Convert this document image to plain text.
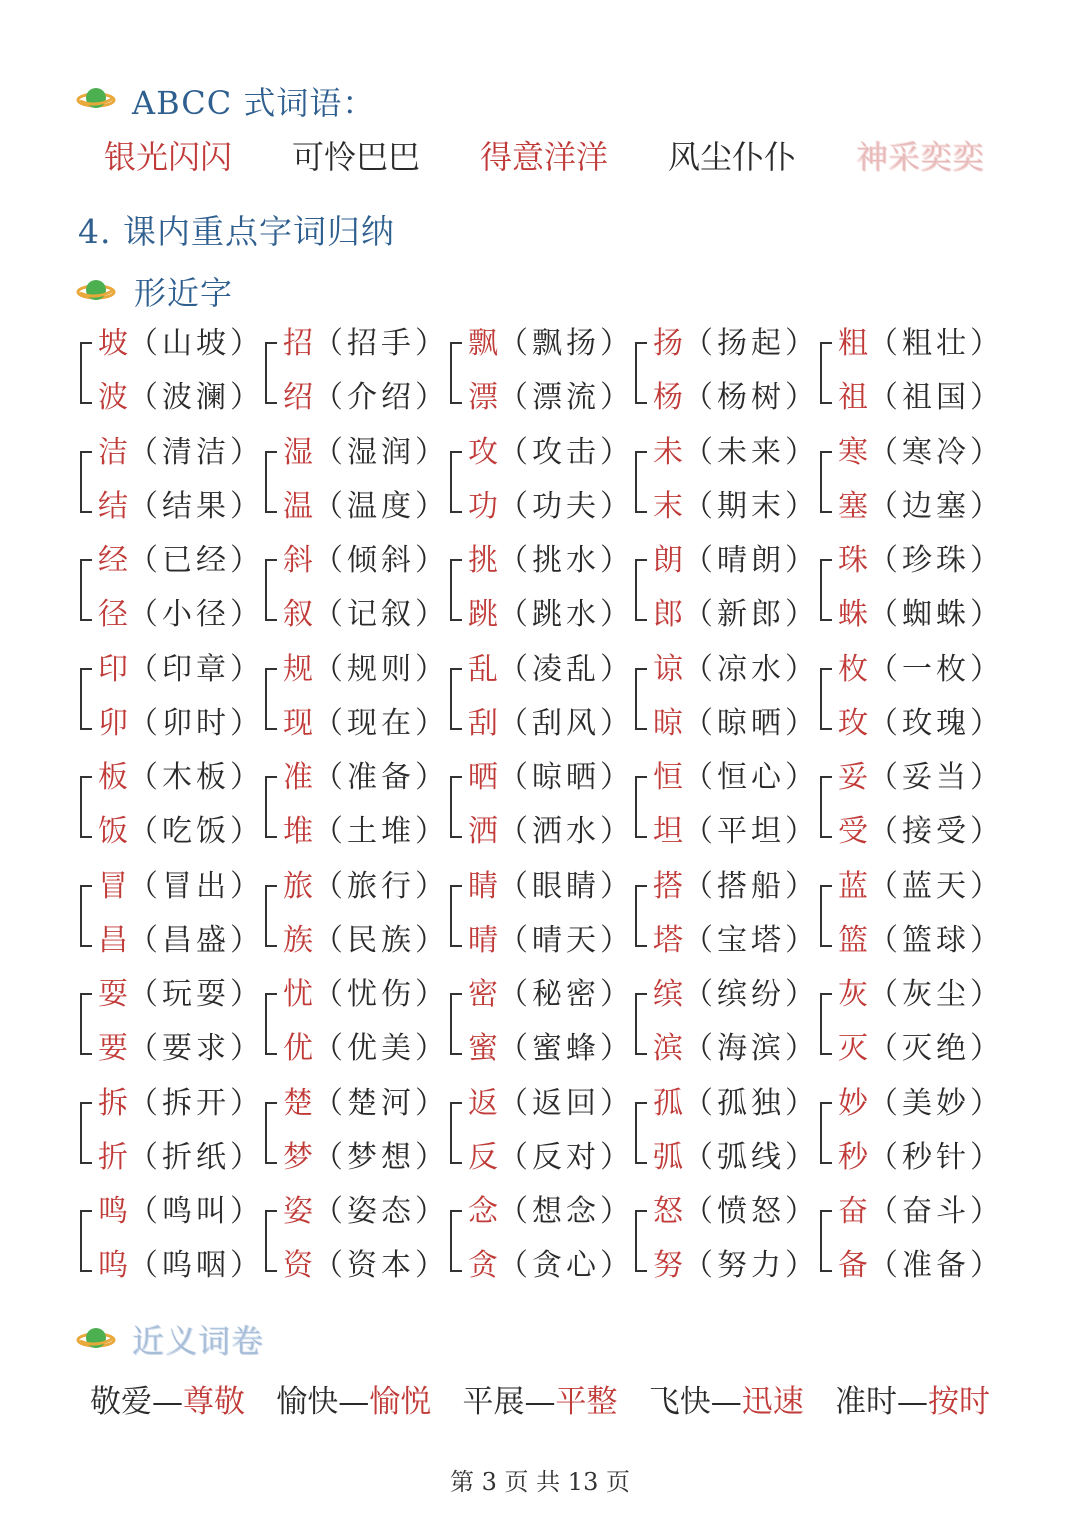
ABCC 式词语：
银光闪闪 可怜巴巴 得意洋洋 风尘仆仆 神采奕奕
4. 课内重点字词归纳
形近字
坡（山坡）
波（波澜）
招（招手）
绍（介绍）
飘（飘扬）
漂（漂流）
扬（扬起）
杨（杨树）
粗（粗壮）
祖（祖国）
洁（清洁）
结（结果）
湿（湿润）
温（温度）
攻（攻击）
功（功夫）
未（未来）
末（期末）
寒（寒冷）
塞（边塞）
经（已经）
径（小径）
斜（倾斜）
叙（记叙）
挑（挑水）
跳（跳水）
朗（晴朗）
郎（新郎）
珠（珍珠）
蛛（蜘蛛）
印（印章）
卯（卯时）
规（规则）
现（现在）
乱（凌乱）
刮（刮风）
谅（凉水）
晾（晾晒）
枚（一枚）
玫（玫瑰）
板（木板）
饭（吃饭）
准（准备）
堆（土堆）
晒（晾晒）
洒（洒水）
恒（恒心）
坦（平坦）
妥（妥当）
受（接受）
冒（冒出）
昌（昌盛）
旅（旅行）
族（民族）
睛（眼睛）
晴（晴天）
搭（搭船）
塔（宝塔）
蓝（蓝天）
篮（篮球）
耍（玩耍）
要（要求）
忧（忧伤）
优（优美）
密（秘密）
蜜（蜜蜂）
缤（缤纷）
滨（海滨）
灰（灰尘）
灭（灭绝）
拆（拆开）
折（折纸）
楚（楚河）
梦（梦想）
返（返回）
反（反对）
孤（孤独）
弧（弧线）
妙（美妙）
秒（秒针）
鸣（鸣叫）
呜（呜咽）
姿（姿态）
资（资本）
念（想念）
贪（贪心）
怒（愤怒）
努（努力）
奋（奋斗）
备（准备）
近义词卷
敬爱—尊敬 愉快—愉悦 平展—平整 飞快—迅速 准时—按时
第 3 页 共 13 页
